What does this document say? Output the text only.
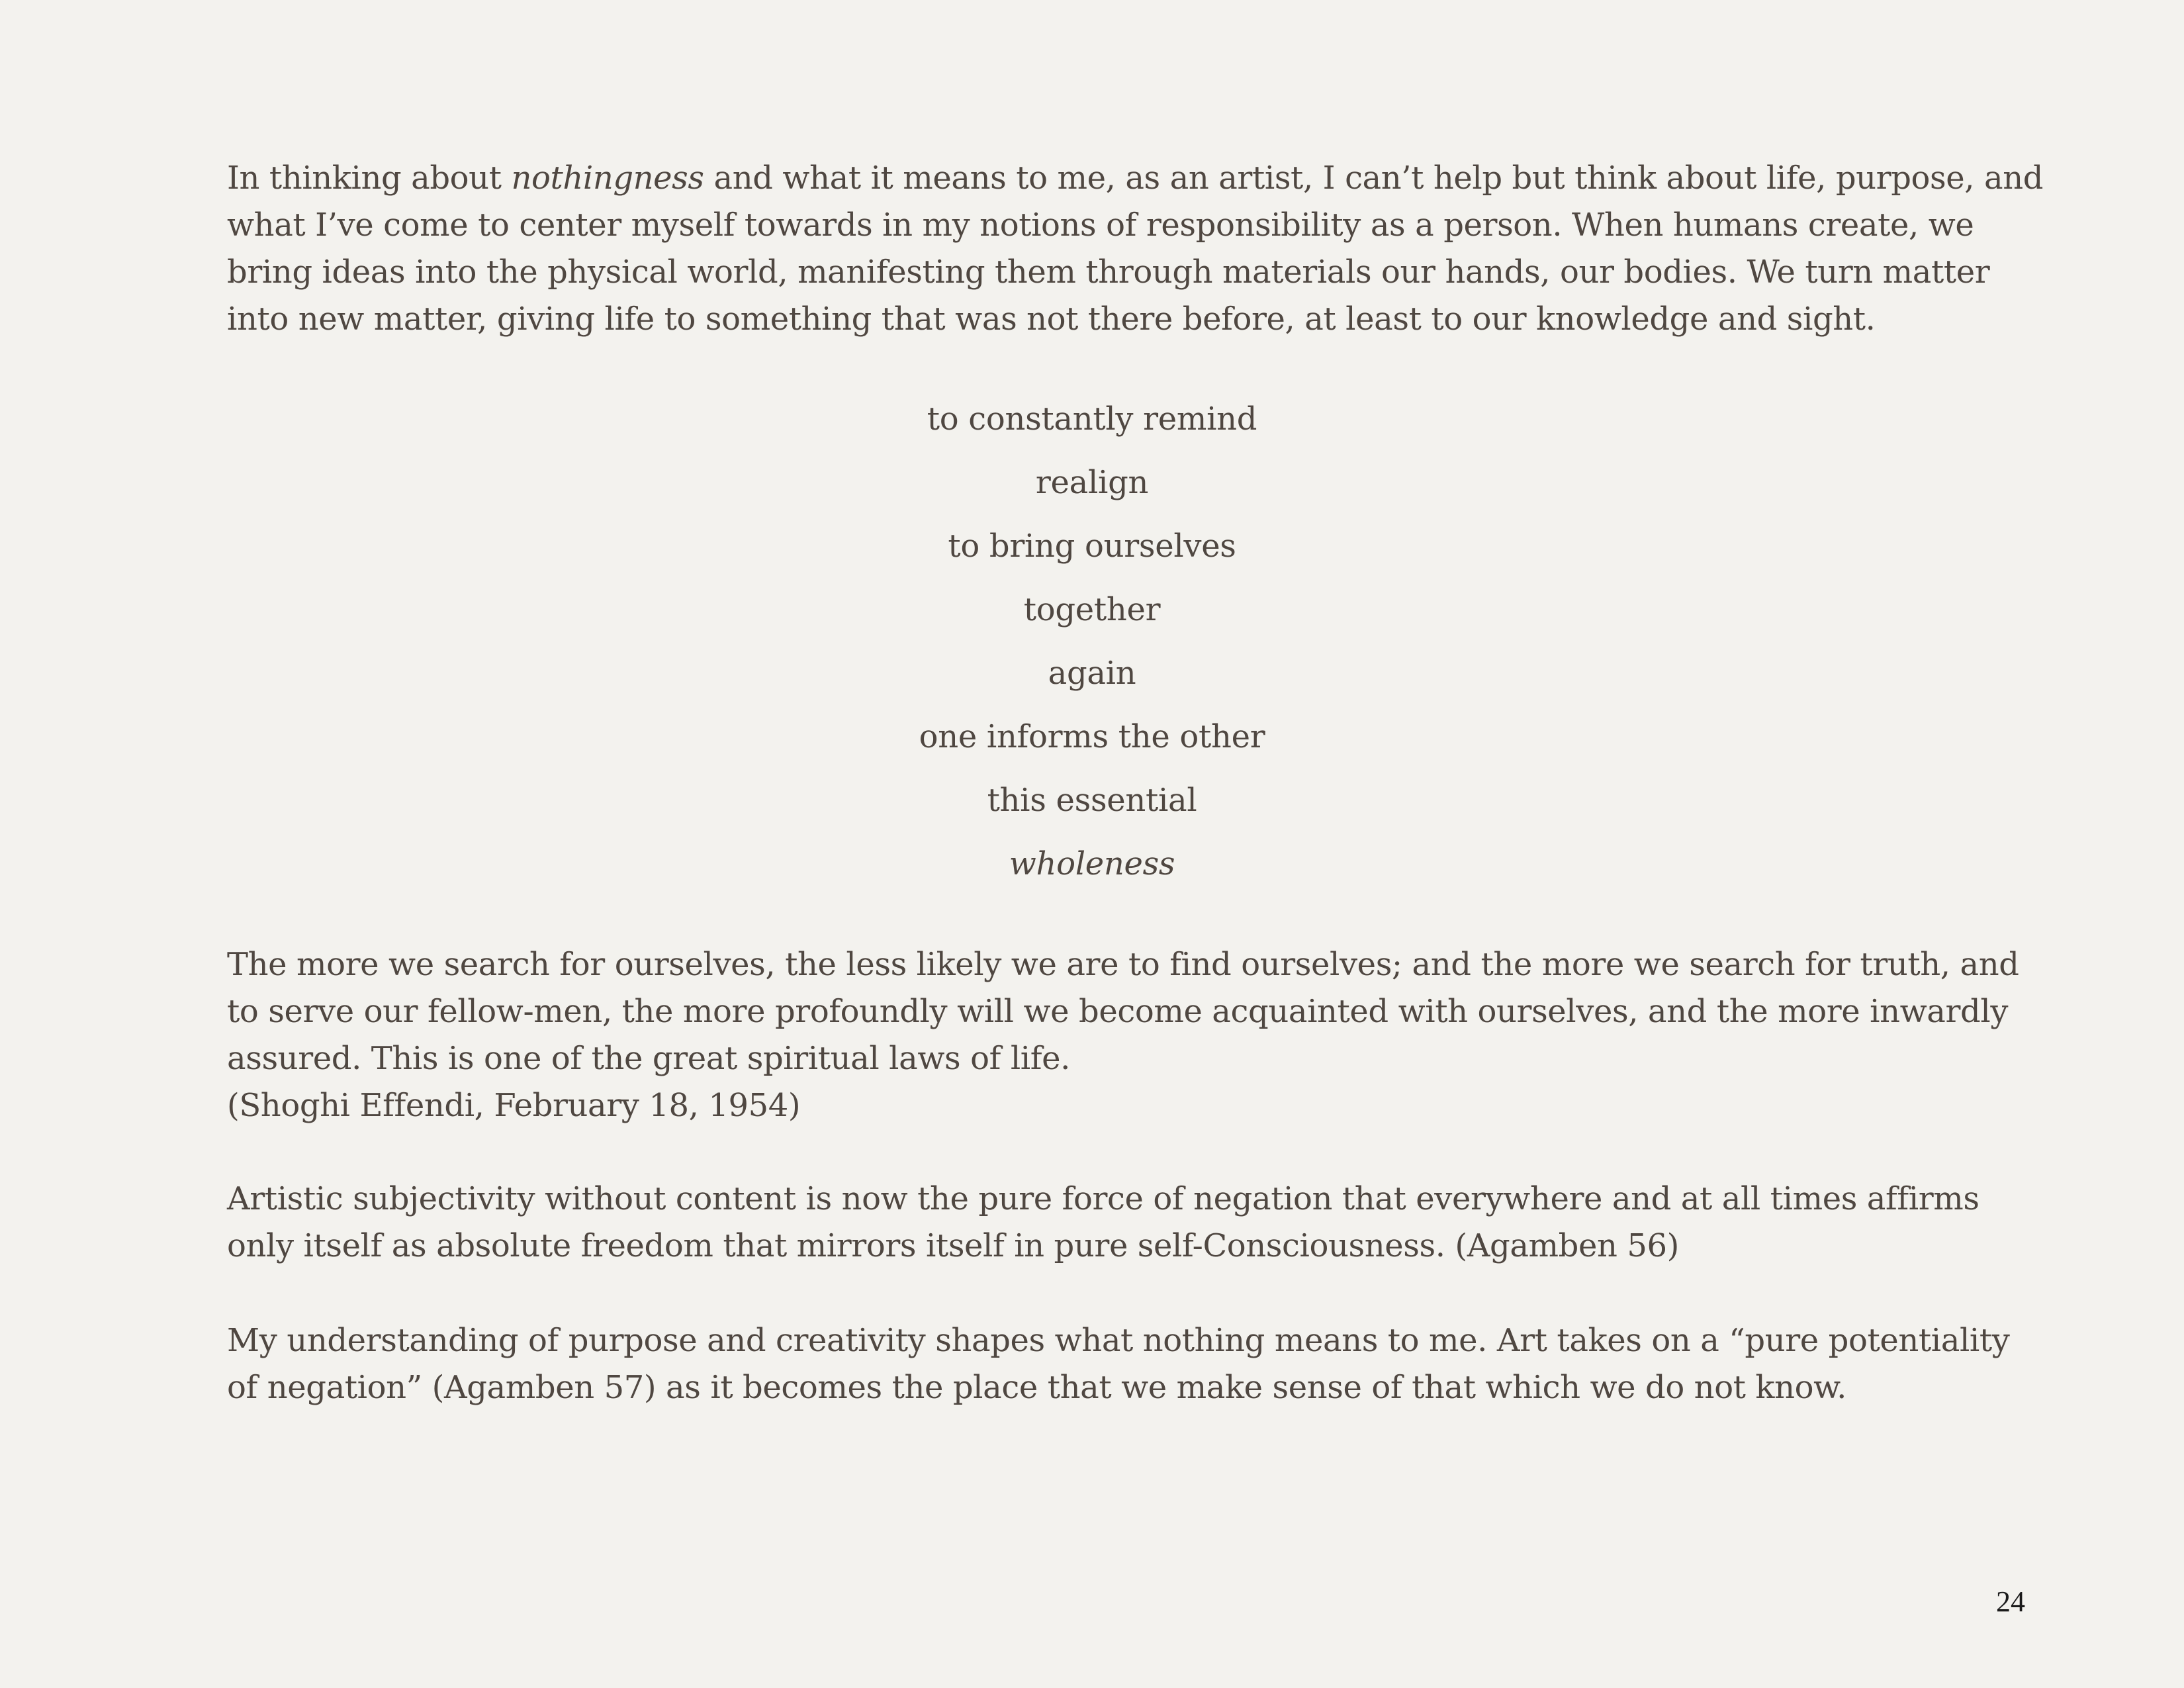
In thinking about nothingness and what it means to me, as an artist, I can’t help but think about life, purpose, and
what I’ve come to center myself towards in my notions of responsibility as a person. When humans create, we
bring ideas into the physical world, manifesting them through materials our hands, our bodies. We turn matter
into new matter, giving life to something that was not there before, at least to our knowledge and sight.

to constantly remind
realign
to bring ourselves
together
again
one informs the other
this essential
wholeness

The more we search for ourselves, the less likely we are to find ourselves; and the more we search for truth, and
to serve our fellow-men, the more profoundly will we become acquainted with ourselves, and the more inwardly
assured. This is one of the great spiritual laws of life.
(Shoghi Effendi, February 18, 1954)

Artistic subjectivity without content is now the pure force of negation that everywhere and at all times affirms
only itself as absolute freedom that mirrors itself in pure self-Consciousness. (Agamben 56)

My understanding of purpose and creativity shapes what nothing means to me. Art takes on a “pure potentiality
of negation” (Agamben 57) as it becomes the place that we make sense of that which we do not know.

24
